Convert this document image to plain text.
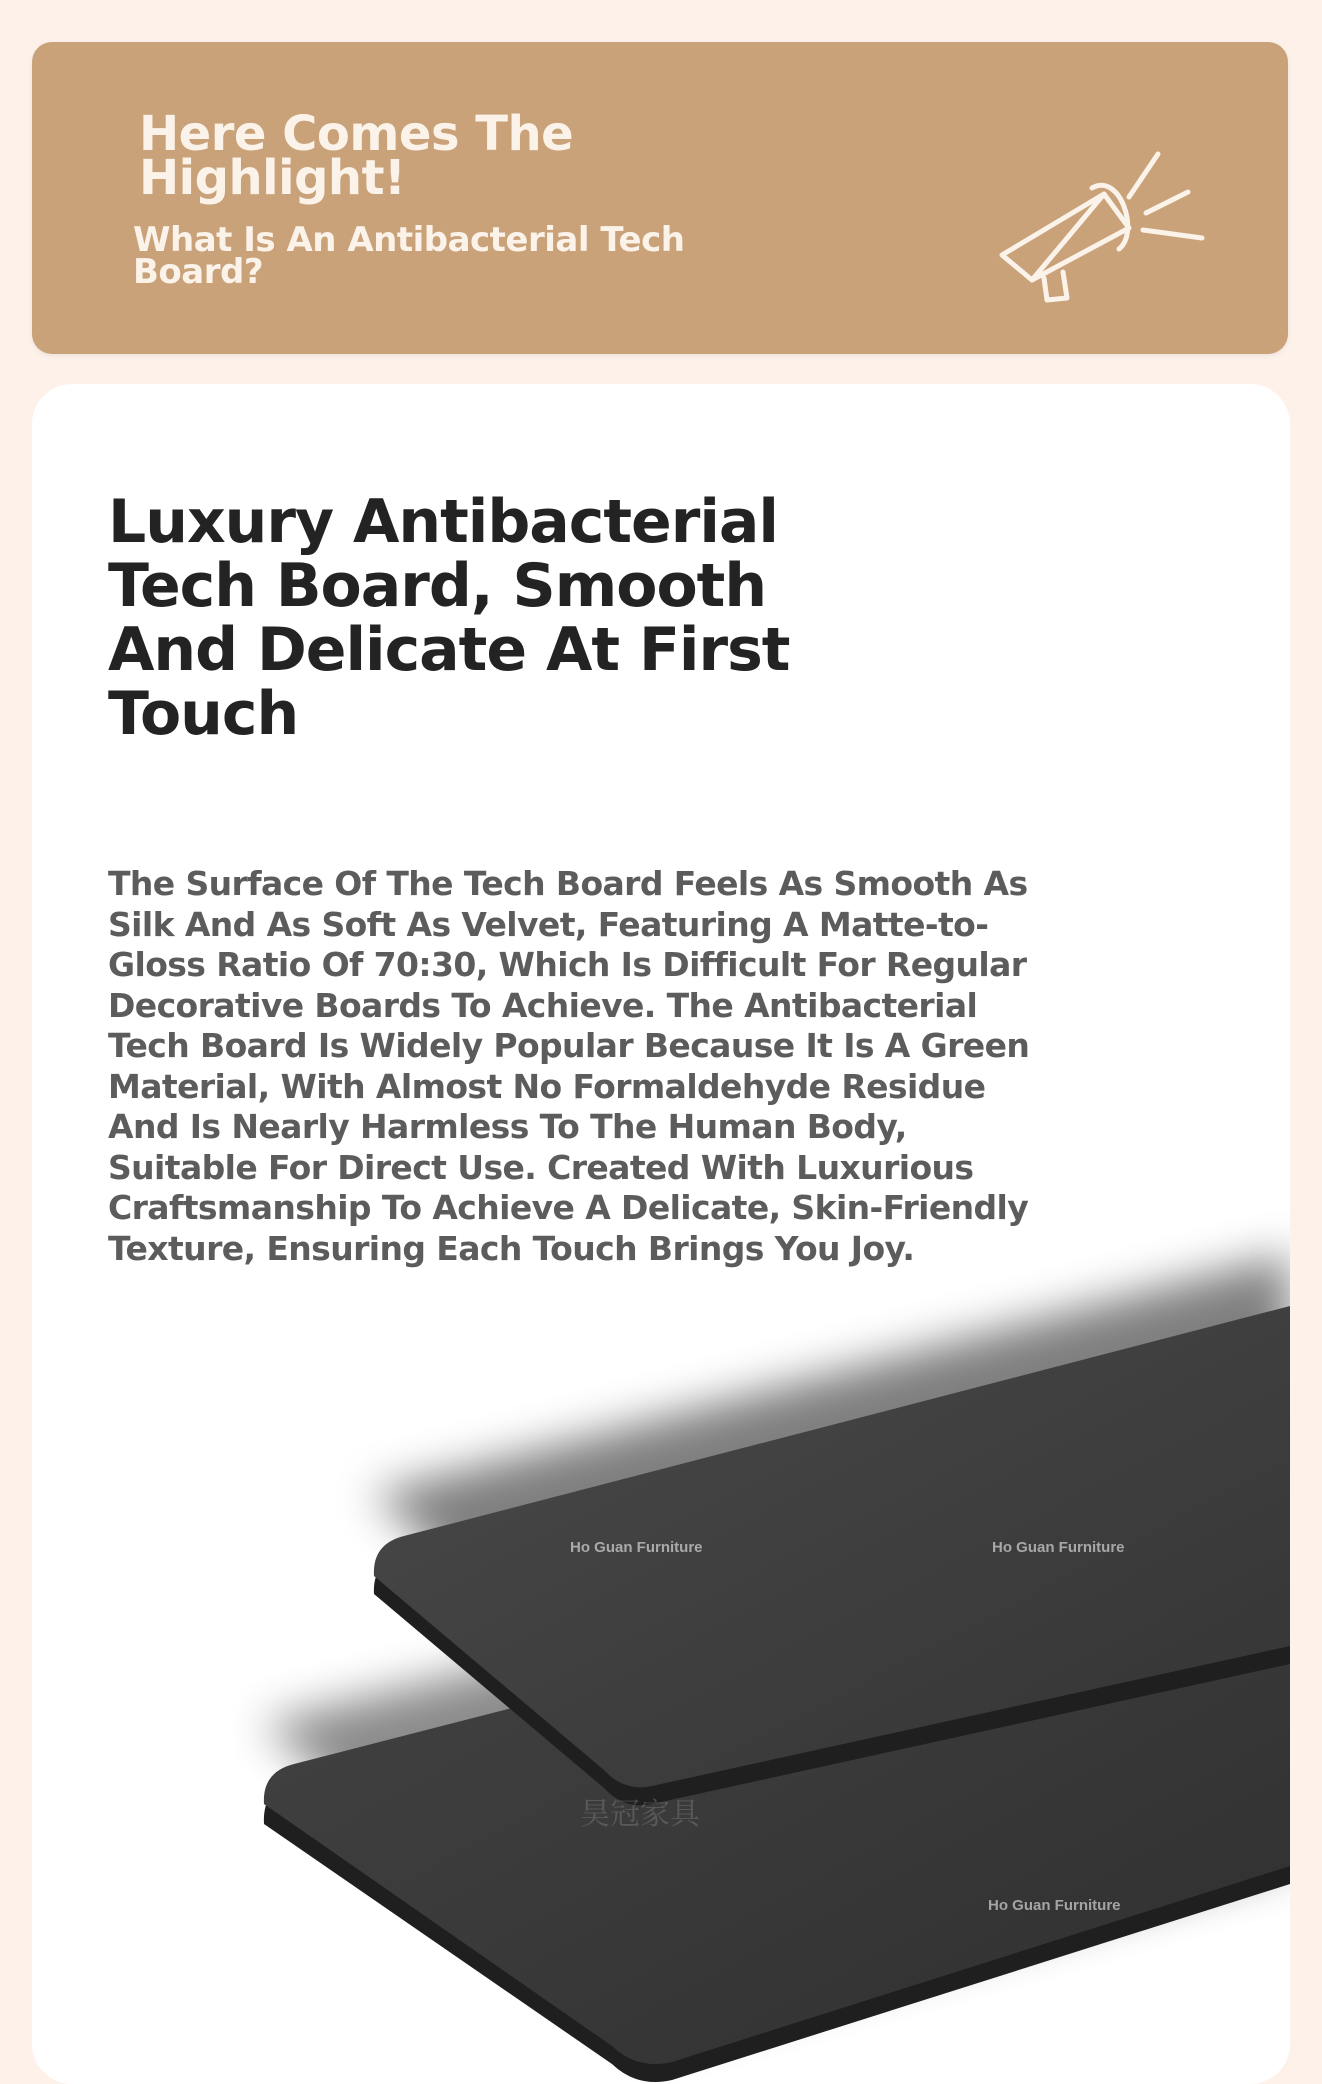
Here Comes The Highlight!
What Is An Antibacterial Tech Board?
Luxury Antibacterial Tech Board, Smooth And Delicate At First Touch

The Surface Of The Tech Board Feels As Smooth As Silk And As Soft As Velvet, Featuring A Matte-to-Gloss Ratio Of 70:30, Which Is Difficult For Regular Decorative Boards To Achieve. The Antibacterial Tech Board Is Widely Popular Because It Is A Green Material, With Almost No Formaldehyde Residue And Is Nearly Harmless To The Human Body, Suitable For Direct Use. Created With Luxurious Craftsmanship To Achieve A Delicate, Skin-Friendly Texture, Ensuring Each Touch Brings You Joy.

Ho Guan Furniture	Ho Guan Furniture
Ho Guan Furniture
昊冠家具
